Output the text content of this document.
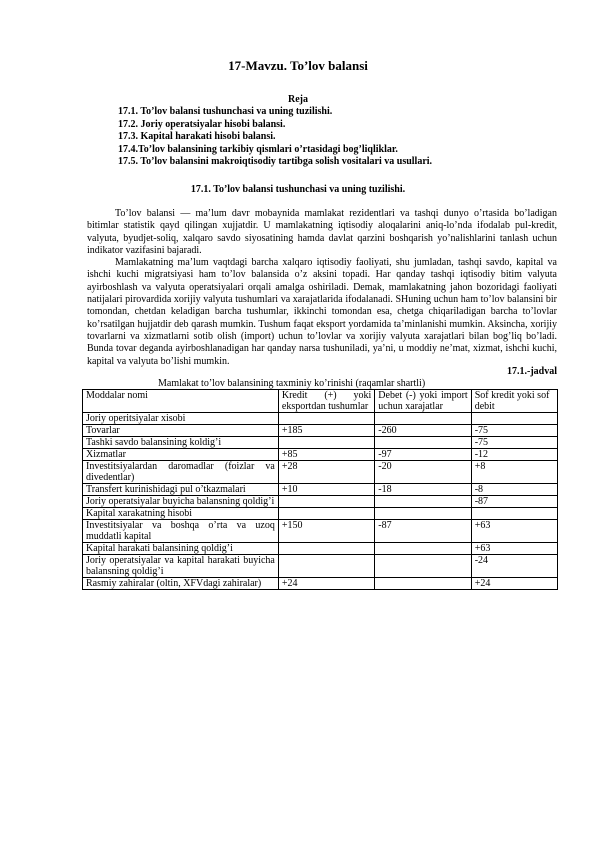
17-Mavzu. To’lov balansi
Reja
17.1. To’lov balansi tushunchasi va uning tuzilishi.
17.2. Joriy operatsiyalar hisobi balansi.
17.3. Kapital harakati hisobi balansi.
17.4.To’lov balansining tarkibiy qismlari o’rtasidagi bog’liqliklar.
17.5. To’lov balansini makroiqtisodiy tartibga solish vositalari va usullari.
17.1. To’lov balansi tushunchasi va uning tuzilishi.

To’lov balansi — ma’lum davr mobaynida mamlakat rezidentlari va tashqi dunyo o’rtasida bo’ladigan bitimlar statistik qayd qilingan xujjatdir. U mamlakatning iqtisodiy aloqalarini aniq-lo’nda ifodalab pul-kredit, valyuta, byudjet-soliq, xalqaro savdo siyosatining hamda davlat qarzini boshqarish yo’nalishlarini tanlash uchun indikator vazifasini bajaradi.

Mamlakatning ma’lum vaqtdagi barcha xalqaro iqtisodiy faoliyati, shu jumladan, tashqi savdo, kapital va ishchi kuchi migratsiyasi ham to’lov balansida o’z aksini topadi. Har qanday tashqi iqtisodiy bitim valyuta ayirboshlash va valyuta operatsiyalari orqali amalga oshiriladi. Demak, mamlakatning jahon bozoridagi faoliyati natijalari pirovardida xorijiy valyuta tushumlari va xarajatlarida ifodalanadi. SHuning uchun ham to’lov balansini bir tomondan, chetdan keladigan barcha tushumlar, ikkinchi tomondan esa, chetga chiqariladigan barcha to’lovlar ko’rsatilgan hujjatdir deb qarash mumkin. Tushum faqat eksport yordamida ta’minlanishi mumkin. Aksincha, xorijiy tovarlarni va xizmatlarni sotib olish (import) uchun to’lovlar va xorijiy valyuta xarajatlari bilan bog’liq bo’ladi. Bunda tovar deganda ayirboshlanadigan har qanday narsa tushuniladi, ya’ni, u moddiy ne’mat, xizmat, ishchi kuchi, kapital va valyuta bo’lishi mumkin.

17.1.-jadval
Mamlakat to’lov balansining taxminiy ko’rinishi (raqamlar shartli)
Moddalar nomi	Kredit (+) yoki eksportdan tushumlar	Debet (-) yoki import uchun xarajatlar	Sof kredit yoki sof debit
Joriy operitsiyalar xisobi			
Tovarlar	+185	-260	-75
Tashki savdo balansining koldig’i			-75
Xizmatlar	+85	-97	-12
Investitsiyalardan daromadlar (foizlar va divedentlar)	+28	-20	+8
Transfert kurinishidagi pul o’tkazmalari	+10	-18	-8
Joriy operatsiyalar buyicha balansning qoldig’i			-87
Kapital xarakatning hisobi			
Investitsiyalar va boshqa o’rta va uzoq muddatli kapital	+150	-87	+63
Kapital harakati balansining qoldig’i			+63
Joriy operatsiyalar va kapital harakati buyicha balansning qoldig’i			-24
Rasmiy zahiralar (oltin, XFVdagi zahiralar)	+24		+24
